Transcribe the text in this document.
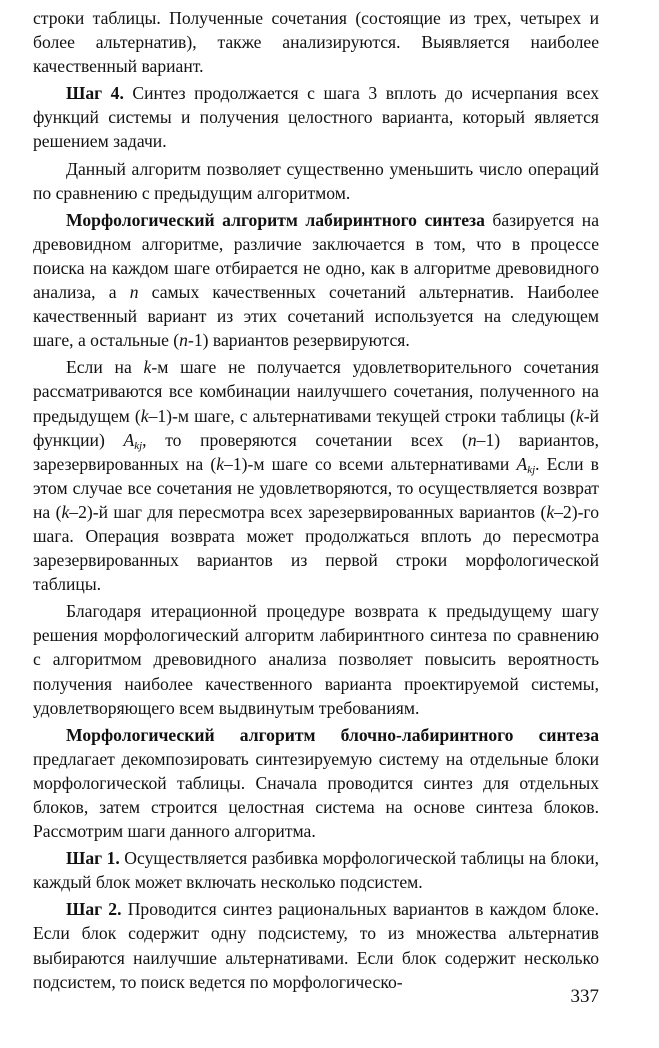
строки таблицы. Полученные сочетания (состоящие из трех, четырех и более альтернатив), также анализируются. Выявляется наиболее качественный вариант.

Шаг 4. Синтез продолжается с шага 3 вплоть до исчерпания всех функций системы и получения целостного варианта, который является решением задачи.

Данный алгоритм позволяет существенно уменьшить число операций по сравнению с предыдущим алгоритмом.

Морфологический алгоритм лабиринтного синтеза базируется на древовидном алгоритме, различие заключается в том, что в процессе поиска на каждом шаге отбирается не одно, как в алгоритме древовидного анализа, а n самых качественных сочетаний альтернатив. Наиболее качественный вариант из этих сочетаний используется на следующем шаге, а остальные (n-1) вариантов резервируются.

Если на k-м шаге не получается удовлетворительного сочетания рассматриваются все комбинации наилучшего сочетания, полученного на предыдущем (k–1)-м шаге, с альтернативами текущей строки таблицы (k-й функции) $A_{kj}$, то проверяются сочетании всех (n–1) вариантов, зарезервированных на (k–1)-м шаге со всеми альтернативами $A_{kj}$. Если в этом случае все сочетания не удовлетворяются, то осуществляется возврат на (k–2)-й шаг для пересмотра всех зарезервированных вариантов (k–2)-го шага. Операция возврата может продолжаться вплоть до пересмотра зарезервированных вариантов из первой строки морфологической таблицы.

Благодаря итерационной процедуре возврата к предыдущему шагу решения морфологический алгоритм лабиринтного синтеза по сравнению с алгоритмом древовидного анализа позволяет повысить вероятность получения наиболее качественного варианта проектируемой системы, удовлетворяющего всем выдвинутым требованиям.

Морфологический алгоритм блочно-лабиринтного синтеза предлагает декомпозировать синтезируемую систему на отдельные блоки морфологической таблицы. Сначала проводится синтез для отдельных блоков, затем строится целостная система на основе синтеза блоков. Рассмотрим шаги данного алгоритма.

Шаг 1. Осуществляется разбивка морфологической таблицы на блоки, каждый блок может включать несколько подсистем.

Шаг 2. Проводится синтез рациональных вариантов в каждом блоке. Если блок содержит одну подсистему, то из множества альтернатив выбираются наилучшие альтернативами. Если блок содержит несколько подсистем, то поиск ведется по морфологическо-

337
